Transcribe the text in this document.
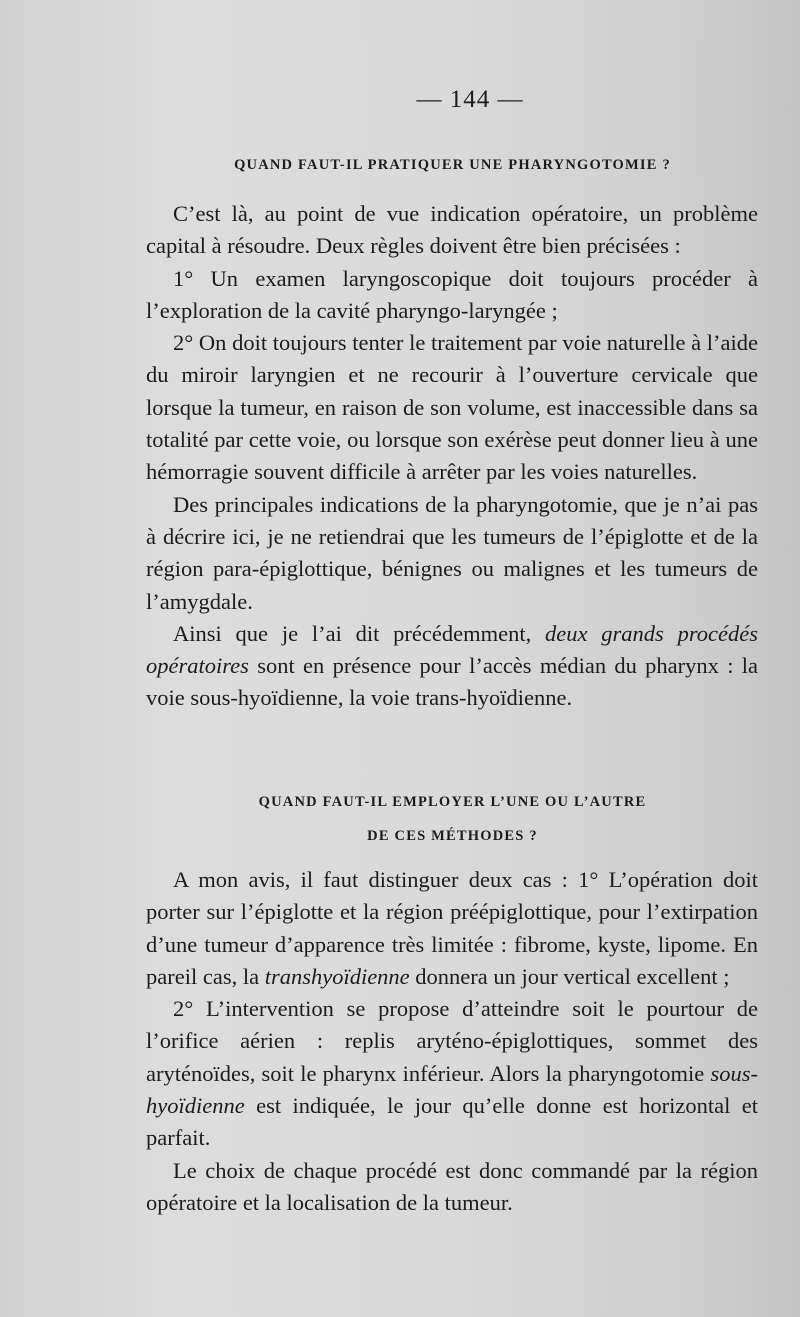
— 144 —
QUAND FAUT-IL PRATIQUER UNE PHARYNGOTOMIE ?

C’est là, au point de vue indication opératoire, un problème capital à résoudre. Deux règles doivent être bien précisées :

1° Un examen laryngoscopique doit toujours procéder à l’exploration de la cavité pharyngo-laryngée ;

2° On doit toujours tenter le traitement par voie naturelle à l’aide du miroir laryngien et ne recourir à l’ouverture cervicale que lorsque la tumeur, en raison de son volume, est inaccessible dans sa totalité par cette voie, ou lorsque son exérèse peut donner lieu à une hémorragie souvent difficile à arrêter par les voies naturelles.

Des principales indications de la pharyngotomie, que je n’ai pas à décrire ici, je ne retiendrai que les tumeurs de l’épiglotte et de la région para-épiglottique, bénignes ou malignes et les tumeurs de l’amygdale.

Ainsi que je l’ai dit précédemment, deux grands procédés opératoires sont en présence pour l’accès médian du pharynx : la voie sous-hyoïdienne, la voie trans-hyoïdienne.

QUAND FAUT-IL EMPLOYER L’UNE OU L’AUTRE
DE CES MÉTHODES ?

A mon avis, il faut distinguer deux cas : 1° L’opération doit porter sur l’épiglotte et la région préépiglottique, pour l’extirpation d’une tumeur d’apparence très limitée : fibrome, kyste, lipome. En pareil cas, la transhyoïdienne donnera un jour vertical excellent ;

2° L’intervention se propose d’atteindre soit le pourtour de l’orifice aérien : replis aryténo-épiglottiques, sommet des aryténoïdes, soit le pharynx inférieur. Alors la pharyngotomie sous-hyoïdienne est indiquée, le jour qu’elle donne est horizontal et parfait.

Le choix de chaque procédé est donc commandé par la région opératoire et la localisation de la tumeur.
